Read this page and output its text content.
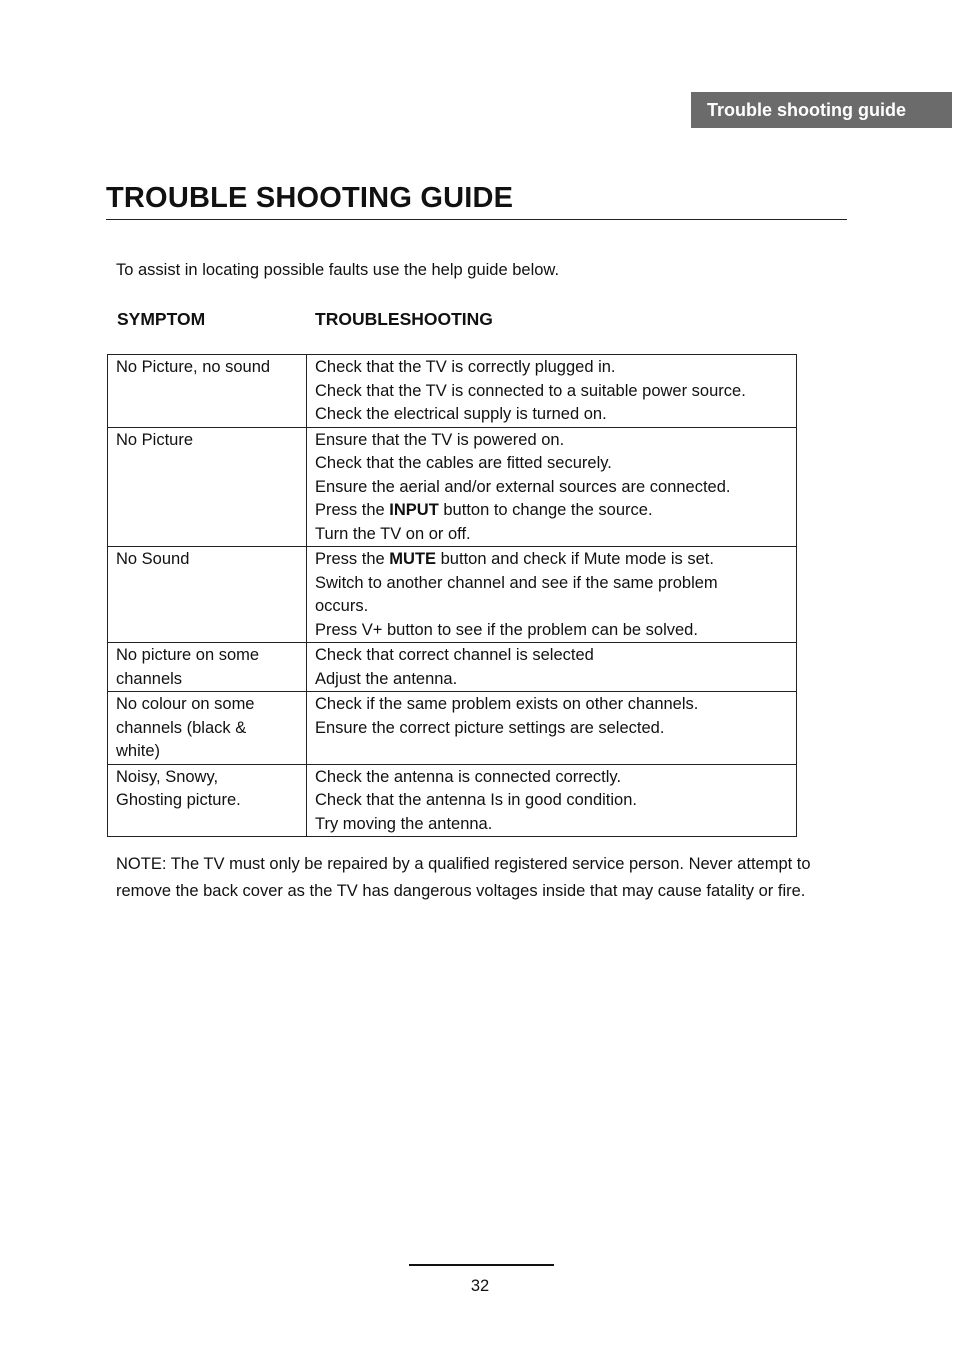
Trouble shooting guide
TROUBLE SHOOTING GUIDE
To assist in locating possible faults use the help guide below.
SYMPTOM	TROUBLESHOOTING
No Picture, no sound	Check that the TV is correctly plugged in.
Check that the TV is connected to a suitable power source.
Check the electrical supply is turned on.

No Picture	Ensure that the TV is powered on.
Check that the cables are fitted securely.
Ensure the aerial and/or external sources are connected.
Press the INPUT button to change the source.
Turn the TV on or off.

No Sound	Press the MUTE button and check if Mute mode is set.
Switch to another channel and see if the same problem
occurs.
Press V+ button to see if the problem can be solved.

No picture on some
channels	Check that correct channel is selected
Adjust the antenna.

No colour on some
channels (black &
white)	Check if the same problem exists on other channels.
Ensure the correct picture settings are selected.

Noisy, Snowy,
Ghosting picture.	Check the antenna is connected correctly.
Check that the antenna Is in good condition.
Try moving the antenna.
NOTE: The TV must only be repaired by a qualified registered service person. Never attempt to remove the back cover as the TV has dangerous voltages inside that may cause fatality or fire.
32
